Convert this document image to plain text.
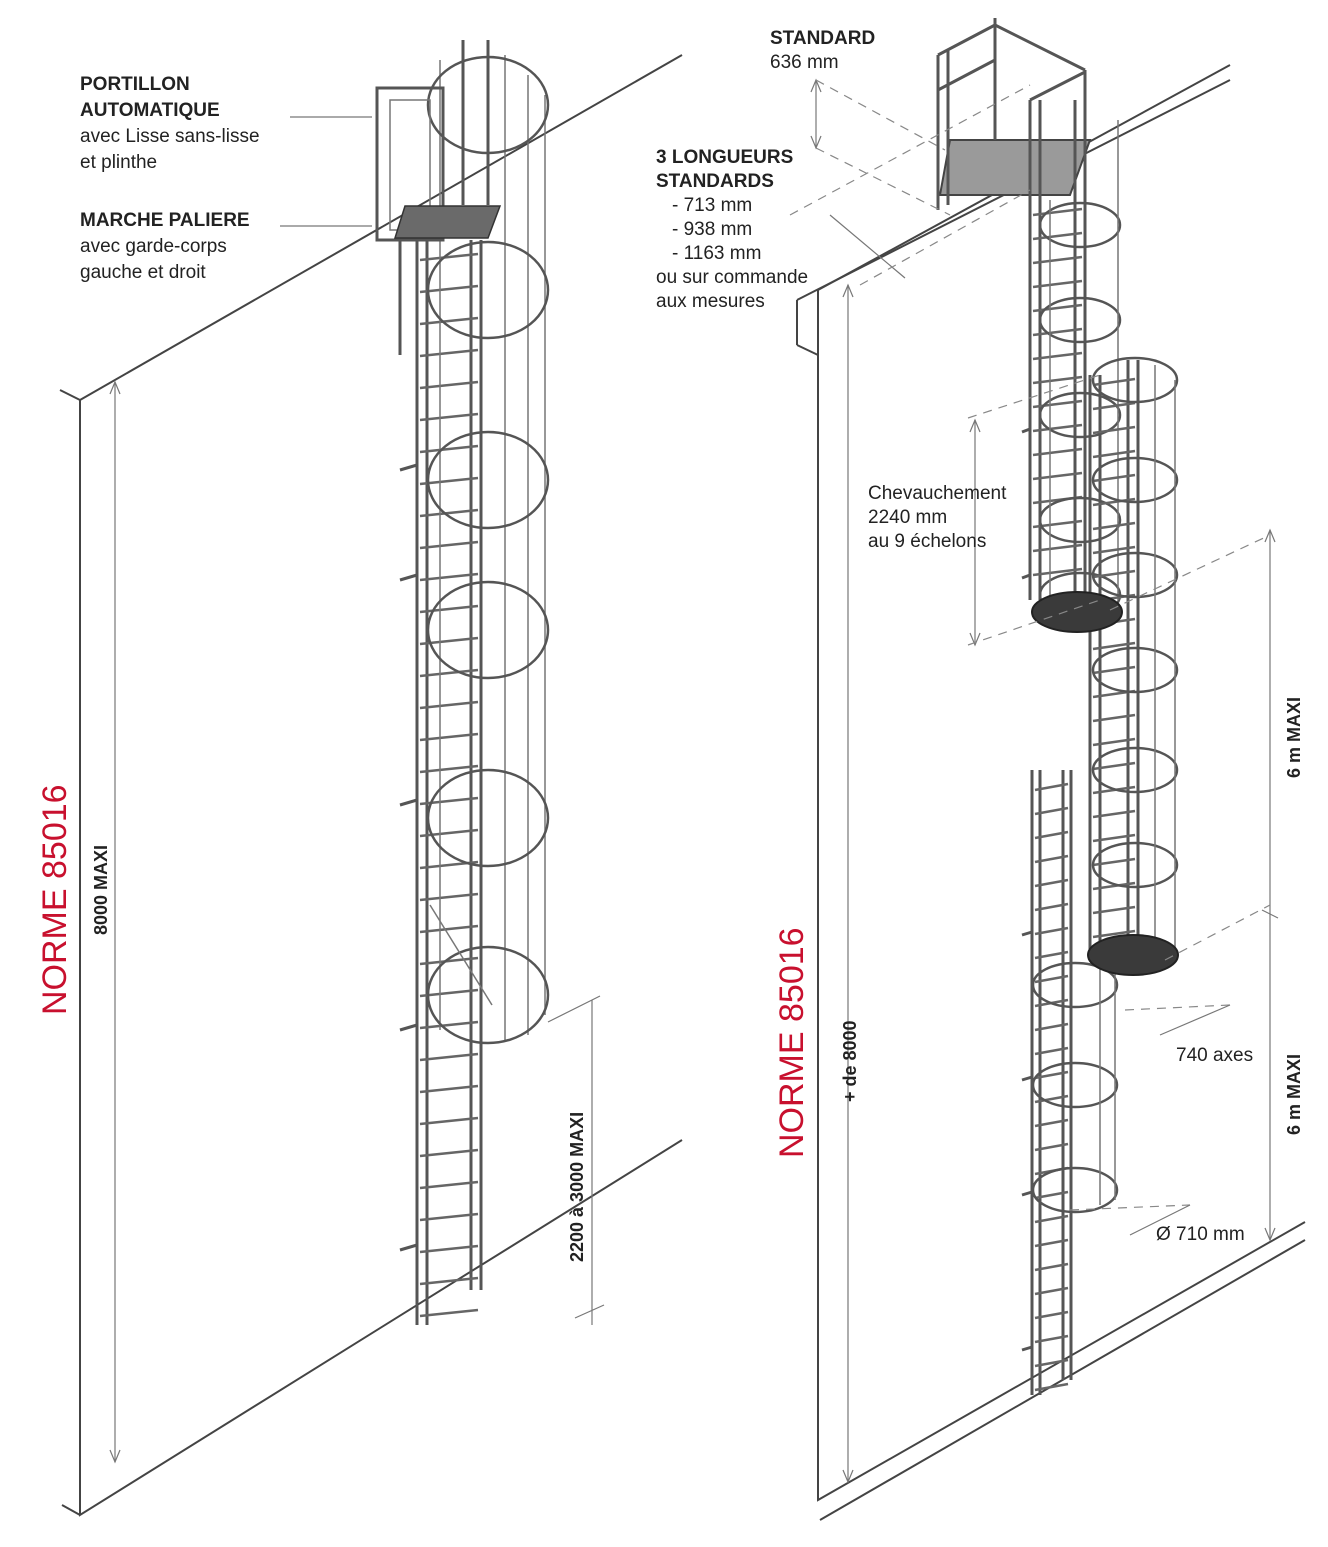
PORTILLON
AUTOMATIQUE
avec Lisse sans-lisse
et plinthe
MARCHE PALIERE
avec garde-corps
gauche et droit
NORME 85016 8000 MAXI
2200 à 3000 MAXI
STANDARD
636 mm
3 LONGUEURS
STANDARDS
- 713 mm
- 938 mm
- 1163 mm
ou sur commande
aux mesures
Chevauchement
2240 mm
au 9 échelons
6 m MAXI
6 m MAXI
740 axes
Ø 710 mm
NORME 85016 + de 8000
